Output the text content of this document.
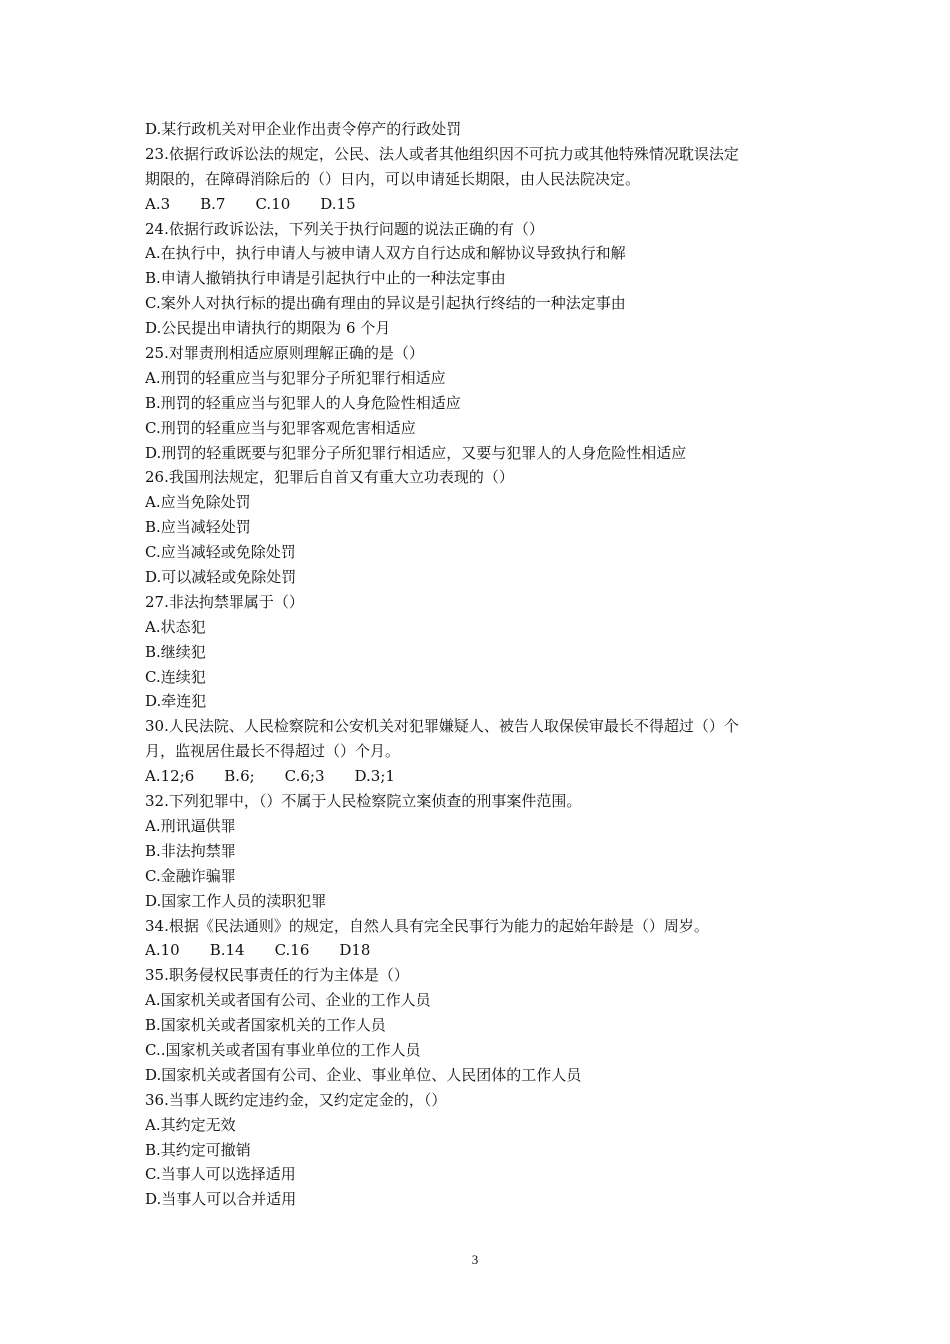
D.某行政机关对甲企业作出责令停产的行政处罚
23.依据行政诉讼法的规定，公民、法人或者其他组织因不可抗力或其他特殊情况耽误法定
期限的，在障碍消除后的（）日内，可以申请延长期限，由人民法院决定。
A.3　　B.7　　C.10　　D.15
24.依据行政诉讼法，下列关于执行问题的说法正确的有（）
A.在执行中，执行申请人与被申请人双方自行达成和解协议导致执行和解
B.申请人撤销执行申请是引起执行中止的一种法定事由
C.案外人对执行标的提出确有理由的异议是引起执行终结的一种法定事由
D.公民提出申请执行的期限为 6 个月
25.对罪责刑相适应原则理解正确的是（）
A.刑罚的轻重应当与犯罪分子所犯罪行相适应
B.刑罚的轻重应当与犯罪人的人身危险性相适应
C.刑罚的轻重应当与犯罪客观危害相适应
D.刑罚的轻重既要与犯罪分子所犯罪行相适应，又要与犯罪人的人身危险性相适应
26.我国刑法规定，犯罪后自首又有重大立功表现的（）
A.应当免除处罚
B.应当减轻处罚
C.应当减轻或免除处罚
D.可以减轻或免除处罚
27.非法拘禁罪属于（）
A.状态犯
B.继续犯
C.连续犯
D.牵连犯
30.人民法院、人民检察院和公安机关对犯罪嫌疑人、被告人取保侯审最长不得超过（）个
月，监视居住最长不得超过（）个月。
A.12;6　　B.6;　　C.6;3　　D.3;1
32.下列犯罪中，（）不属于人民检察院立案侦查的刑事案件范围。
A.刑讯逼供罪
B.非法拘禁罪
C.金融诈骗罪
D.国家工作人员的渎职犯罪
34.根据《民法通则》的规定，自然人具有完全民事行为能力的起始年龄是（）周岁。
A.10　　B.14　　C.16　　D18
35.职务侵权民事责任的行为主体是（）
A.国家机关或者国有公司、企业的工作人员
B.国家机关或者国家机关的工作人员
C..国家机关或者国有事业单位的工作人员
D.国家机关或者国有公司、企业、事业单位、人民团体的工作人员
36.当事人既约定违约金，又约定定金的，（）
A.其约定无效
B.其约定可撤销
C.当事人可以选择适用
D.当事人可以合并适用
3
